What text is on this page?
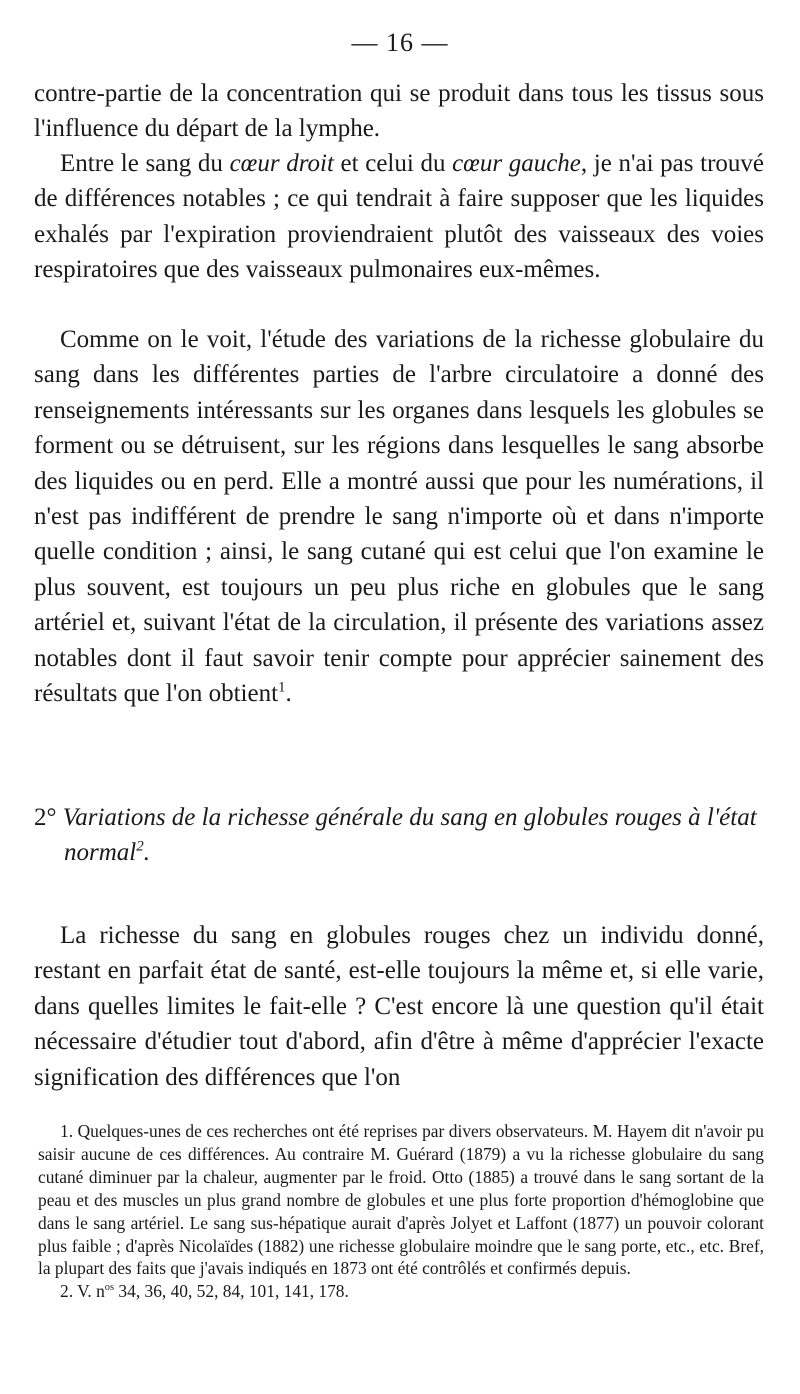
— 16 —

contre-partie de la concentration qui se produit dans tous les tissus sous l'influence du départ de la lymphe.

Entre le sang du cœur droit et celui du cœur gauche, je n'ai pas trouvé de différences notables ; ce qui tendrait à faire supposer que les liquides exhalés par l'expiration proviendraient plutôt des vaisseaux des voies respiratoires que des vaisseaux pulmonaires eux-mêmes.

Comme on le voit, l'étude des variations de la richesse globulaire du sang dans les différentes parties de l'arbre circulatoire a donné des renseignements intéressants sur les organes dans lesquels les globules se forment ou se détruisent, sur les régions dans lesquelles le sang absorbe des liquides ou en perd. Elle a montré aussi que pour les numérations, il n'est pas indifférent de prendre le sang n'importe où et dans n'importe quelle condition ; ainsi, le sang cutané qui est celui que l'on examine le plus souvent, est toujours un peu plus riche en globules que le sang artériel et, suivant l'état de la circulation, il présente des variations assez notables dont il faut savoir tenir compte pour apprécier sainement des résultats que l'on obtient$^1$.

2° Variations de la richesse générale du sang en globules rouges à l'état normal$^2$.

La richesse du sang en globules rouges chez un individu donné, restant en parfait état de santé, est-elle toujours la même et, si elle varie, dans quelles limites le fait-elle ? C'est encore là une question qu'il était nécessaire d'étudier tout d'abord, afin d'être à même d'apprécier l'exacte signification des différences que l'on

1. Quelques-unes de ces recherches ont été reprises par divers observateurs. M. Hayem dit n'avoir pu saisir aucune de ces différences. Au contraire M. Guérard (1879) a vu la richesse globulaire du sang cutané diminuer par la chaleur, augmenter par le froid. Otto (1885) a trouvé dans le sang sortant de la peau et des muscles un plus grand nombre de globules et une plus forte proportion d'hémoglobine que dans le sang artériel. Le sang sus-hépatique aurait d'après Jolyet et Laffont (1877) un pouvoir colorant plus faible ; d'après Nicolaïdes (1882) une richesse globulaire moindre que le sang porte, etc., etc. Bref, la plupart des faits que j'avais indiqués en 1873 ont été contrôlés et confirmés depuis.

2. V. $n^{os}$ 34, 36, 40, 52, 84, 101, 141, 178.
